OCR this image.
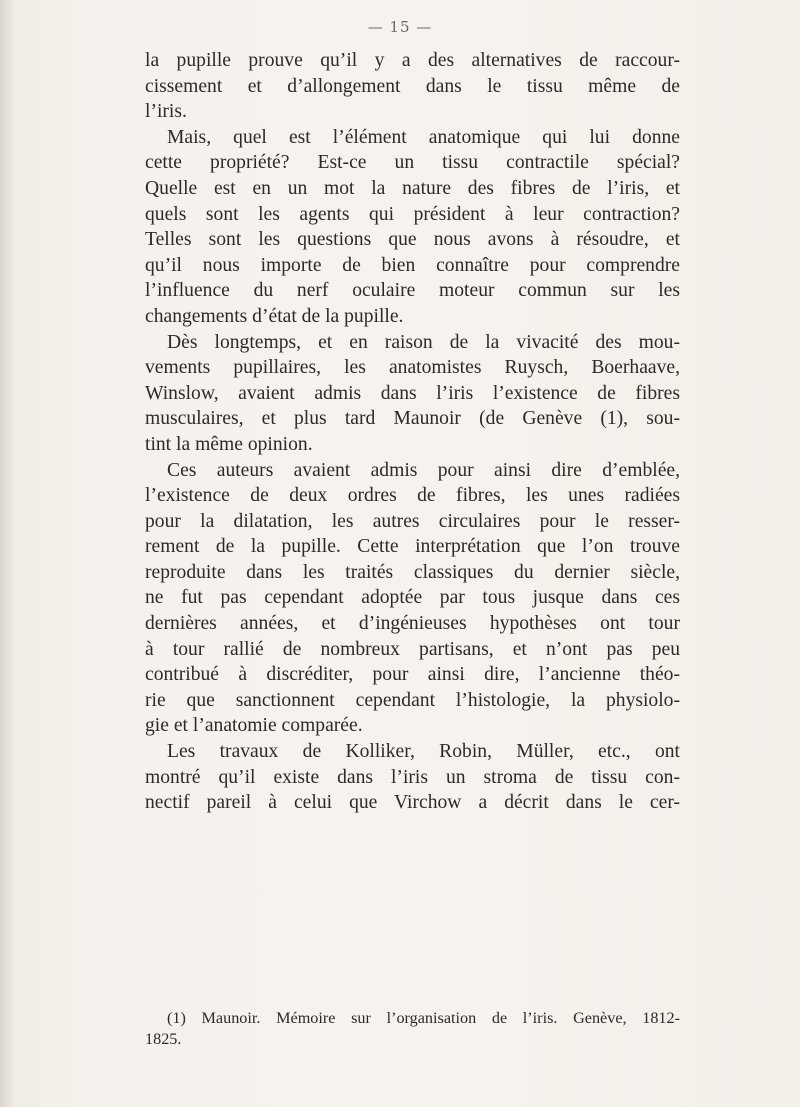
— 15 —
la pupille prouve qu’il y a des alternatives de raccour-
cissement et d’allongement dans le tissu même de
l’iris.
Mais, quel est l’élément anatomique qui lui donne
cette propriété? Est-ce un tissu contractile spécial?
Quelle est en un mot la nature des fibres de l’iris, et
quels sont les agents qui président à leur contraction?
Telles sont les questions que nous avons à résoudre, et
qu’il nous importe de bien connaître pour comprendre
l’influence du nerf oculaire moteur commun sur les
changements d’état de la pupille.
Dès longtemps, et en raison de la vivacité des mou-
vements pupillaires, les anatomistes Ruysch, Boerhaave,
Winslow, avaient admis dans l’iris l’existence de fibres
musculaires, et plus tard Maunoir (de Genève (1), sou-
tint la même opinion.
Ces auteurs avaient admis pour ainsi dire d’emblée,
l’existence de deux ordres de fibres, les unes radiées
pour la dilatation, les autres circulaires pour le resser-
rement de la pupille. Cette interprétation que l’on trouve
reproduite dans les traités classiques du dernier siècle,
ne fut pas cependant adoptée par tous jusque dans ces
dernières années, et d’ingénieuses hypothèses ont tour
à tour rallié de nombreux partisans, et n’ont pas peu
contribué à discréditer, pour ainsi dire, l’ancienne théo-
rie que sanctionnent cependant l’histologie, la physiolo-
gie et l’anatomie comparée.
Les travaux de Kolliker, Robin, Müller, etc., ont
montré qu’il existe dans l’iris un stroma de tissu con-
nectif pareil à celui que Virchow a décrit dans le cer-
(1) Maunoir. Mémoire sur l’organisation de l’iris. Genève, 1812-
1825.
